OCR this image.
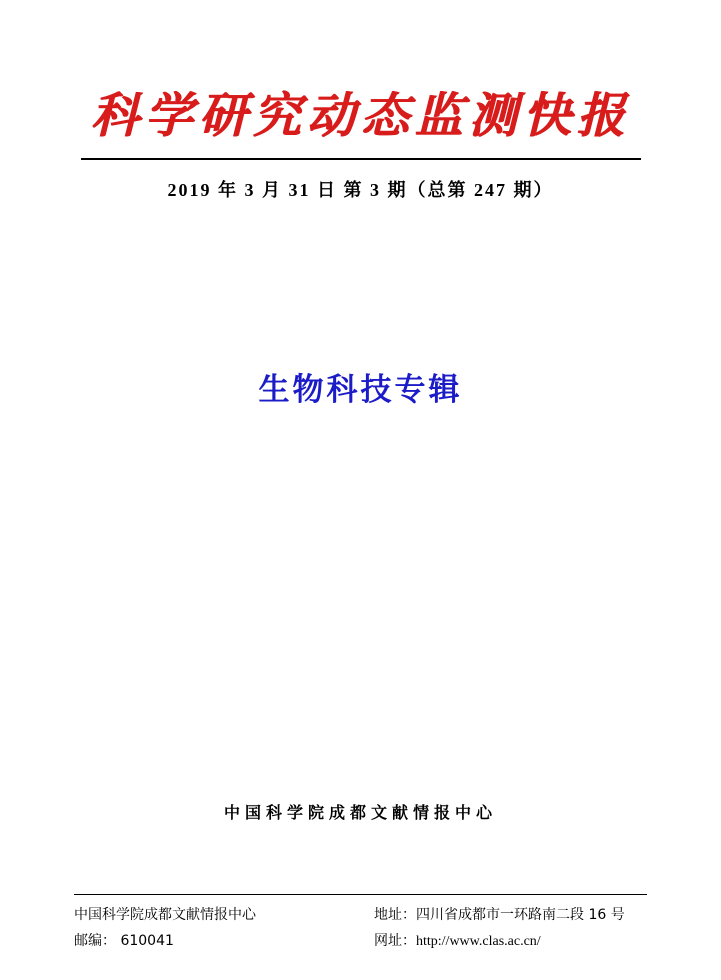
科学研究动态监测快报
2019 年 3 月 31 日 第 3 期（总第 247 期）
生物科技专辑
中国科学院成都文献情报中心
中国科学院成都文献情报中心	地址：四川省成都市一环路南二段 16 号
邮编： 610041	网址：http://www.clas.ac.cn/
